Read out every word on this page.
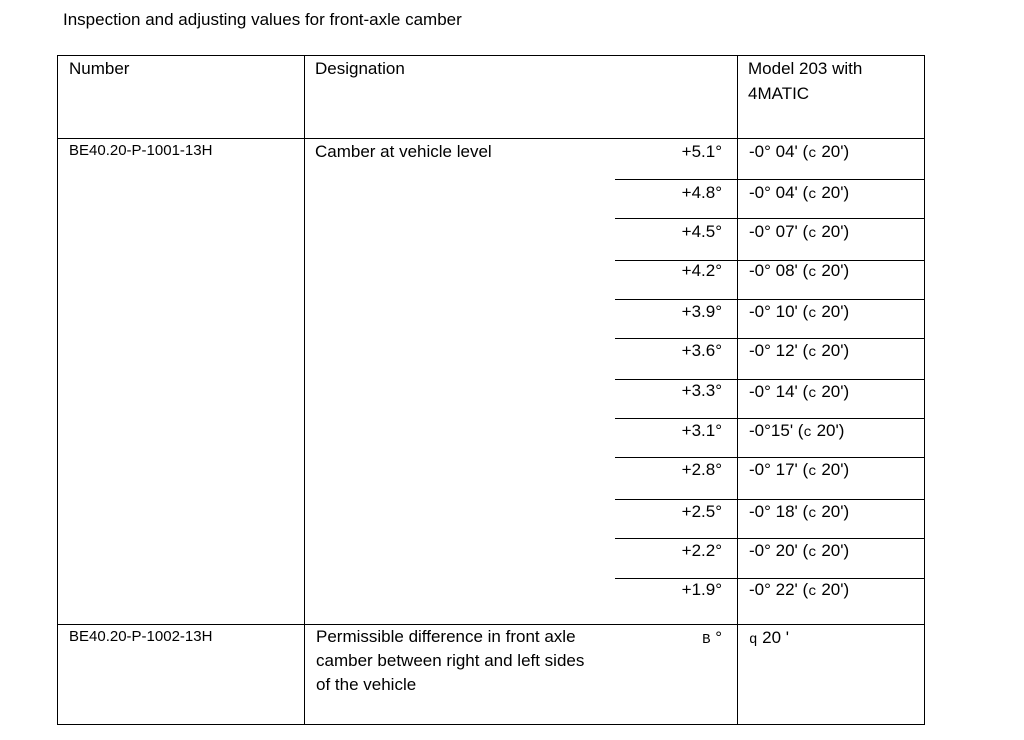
Inspection and adjusting values for front-axle camber
Number	Designation	Model 203 with
4MATIC
BE40.20-P-1001-13H	Camber at vehicle level	+5.1° -0° 04' (c 20')
+4.8° -0° 04' (c 20')
+4.5° -0° 07' (c 20')
+4.2° -0° 08' (c 20')
+3.9° -0° 10' (c 20')
+3.6° -0° 12' (c 20')
+3.3° -0° 14' (c 20')
+3.1° -0°15' (c 20')
+2.8° -0° 17' (c 20')
+2.5° -0° 18' (c 20')
+2.2° -0° 20' (c 20')
+1.9° -0° 22' (c 20')
BE40.20-P-1002-13H	Permissible difference in front axle camber between right and left sides of the vehicle
B ° q 20 '
